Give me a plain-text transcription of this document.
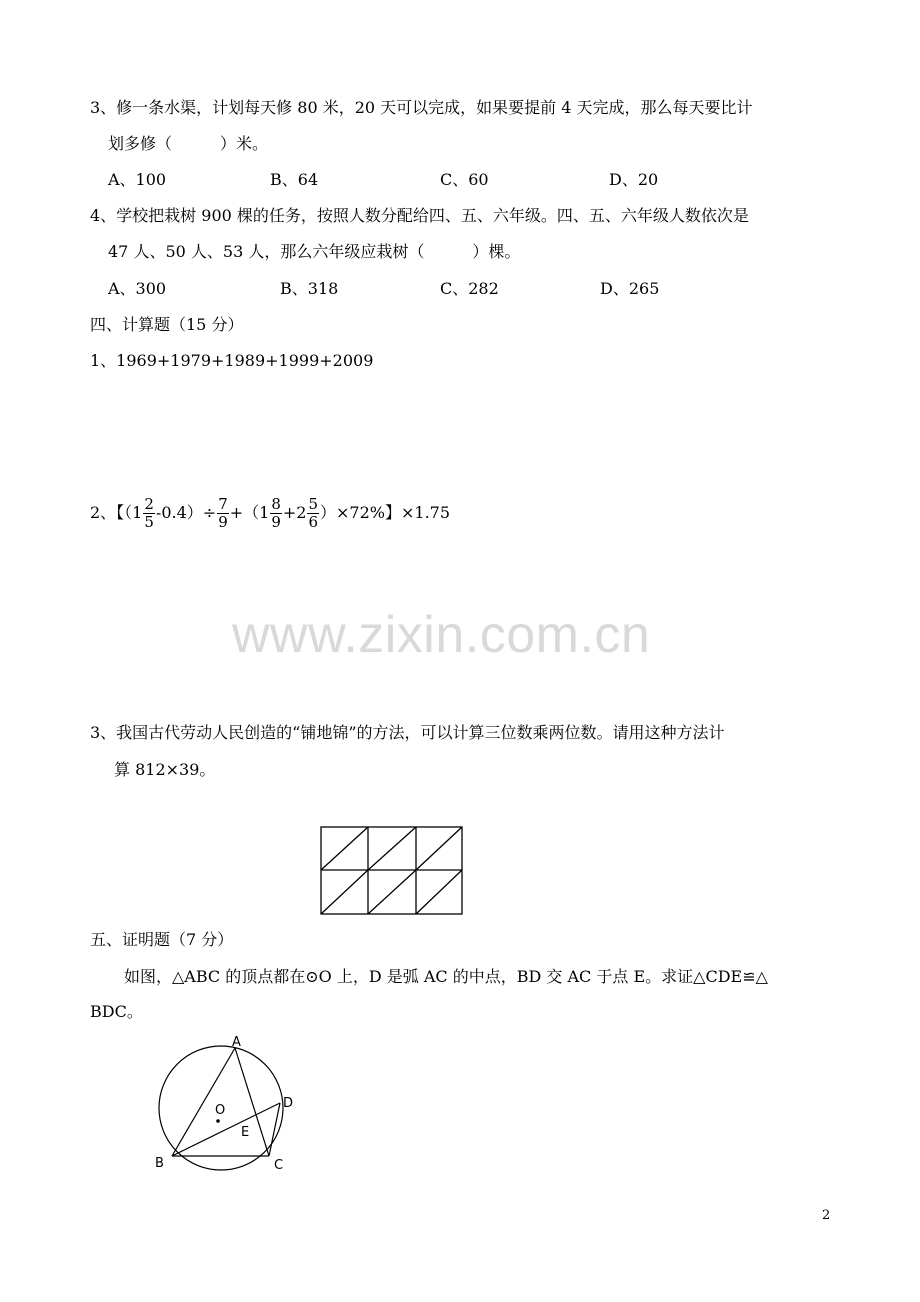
3、修一条水渠，计划每天修 80 米，20 天可以完成，如果要提前 4 天完成，那么每天要比计
划多修（　　　）米。
A、100	B、64	C、60	D、20
4、学校把栽树 900 棵的任务，按照人数分配给四、五、六年级。四、五、六年级人数依次是
47 人、50 人、53 人，那么六年级应栽树（　　　）棵。
A、300	B、318	C、282	D、265
四、计算题（15 分）
1、1969+1979+1989+1999+2009
2、【$(1 \frac{2}{5} -0.4)\div \frac{7}{9} +(1 \frac{8}{9} +2 \frac{5}{6} )\times 72\%$】×1.75
www.zixin.com.cn
3、我国古代劳动人民创造的“铺地锦”的方法，可以计算三位数乘两位数。请用这种方法计
算 812×39。
五、证明题（7 分）
如图，△ABC 的顶点都在⊙O 上，D 是弧 AC 的中点，BD 交 AC 于点 E。求证△CDE≌△
BDC。
A
B	C
D
E
O
2
